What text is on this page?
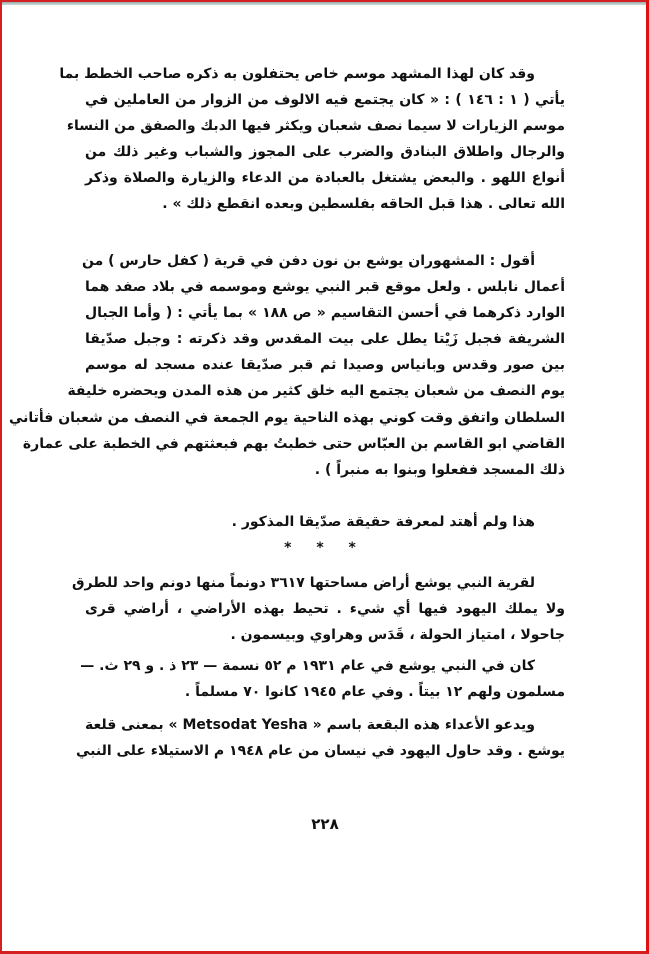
وقد كان لهذا المشهد موسم خاص يحتفلون به ذكره صاحب الخطط بما
يأتي ( ١ : ١٤٦ ) : « كان يجتمع فيه الالوف من الزوار من العاملين في
موسم الزيارات لا سيما نصف شعبان ويكثر فيها الدبك والصفق من النساء
والرجال واطلاق البنادق والضرب على المجوز والشباب وغير ذلك من
أنواع اللهو . والبعض يشتغل بالعبادة من الدعاء والزيارة والصلاة وذكر
الله تعالى . هذا قبل الحاقه بفلسطين وبعده انقطع ذلك » .
أقول : المشهوران يوشع بن نون دفن في قرية ( كفل حارس ) من
أعمال نابلس . ولعل موقع قبر النبي يوشع وموسمه في بلاد صفد هما
الوارد ذكرهما في أحسن التقاسيم « ص ١٨٨ » بما يأتي : ( وأما الجبال
الشريفة فجبل زَيْتا يطل على بيت المقدس وقد ذكرته : وجبل صدّيقا
بين صور وقدس وبانياس وصيدا ثم قبر صدّيقا عنده مسجد له موسم
يوم النصف من شعبان يجتمع اليه خلق كثير من هذه المدن ويحضره خليفة
السلطان واتفق وقت كوني بهذه الناحية يوم الجمعة في النصف من شعبان فأتاني
القاضي ابو القاسم بن العبّاس حتى خطبتُ بهم فبعثتهم في الخطبة على عمارة
ذلك المسجد ففعلوا وبنوا به منبراً ) .
هذا ولم أهتد لمعرفة حقيقة صدّيقا المذكور .
* * *
لقرية النبي يوشع أراض مساحتها ٣٦١٧ دونماً منها دونم واحد للطرق
ولا يملك اليهود فيها أي شيء . تحيط بهذه الأراضي ، أراضي قرى
جاحولا ، امتياز الحولة ، قَدَس وهراوي وبيسمون .
كان في النبي يوشع في عام ١٩٣١ م ٥٢ نسمة — ٢٣ ذ . و ٢٩ ث. —
مسلمون ولهم ١٢ بيتاً . وفي عام ١٩٤٥ كانوا ٧٠ مسلماً .
ويدعو الأعداء هذه البقعة باسم « Metsodat Yesha » بمعنى قلعة
يوشع . وقد حاول اليهود في نيسان من عام ١٩٤٨ م الاستيلاء على النبي
٢٢٨
